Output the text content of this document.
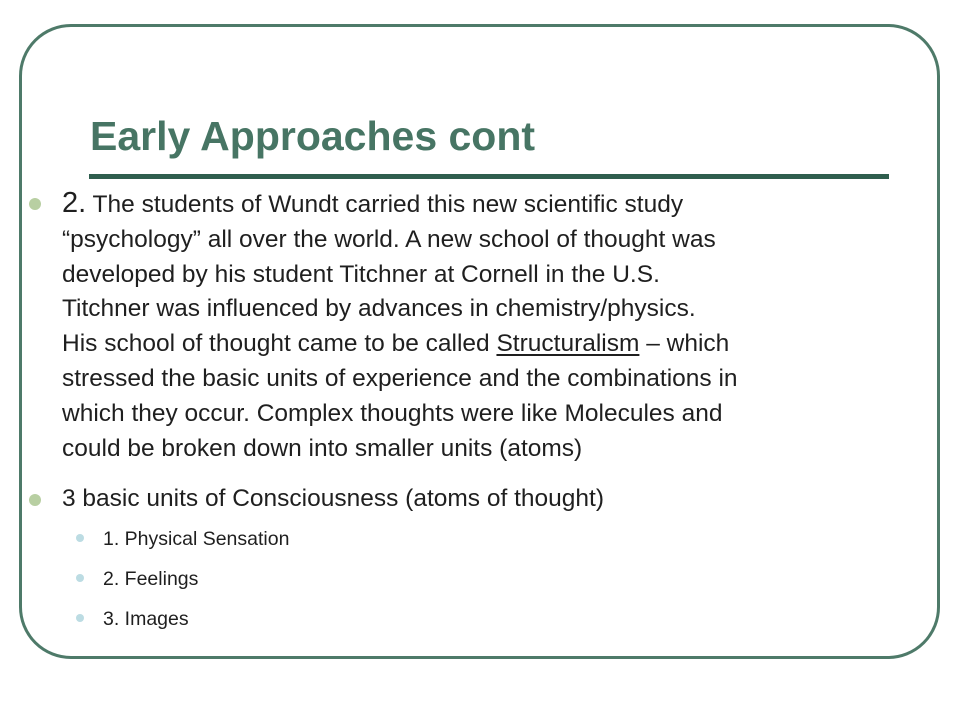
Early Approaches cont
2. The students of Wundt carried this new scientific study
“psychology” all over the world. A new school of thought was
developed by his student Titchner at Cornell in the U.S.
Titchner was influenced by advances in chemistry/physics.
His school of thought came to be called Structuralism – which
stressed the basic units of experience and the combinations in
which they occur. Complex thoughts were like Molecules and
could be broken down into smaller units (atoms)
3 basic units of Consciousness (atoms of thought)
1. Physical Sensation
2. Feelings
3. Images
